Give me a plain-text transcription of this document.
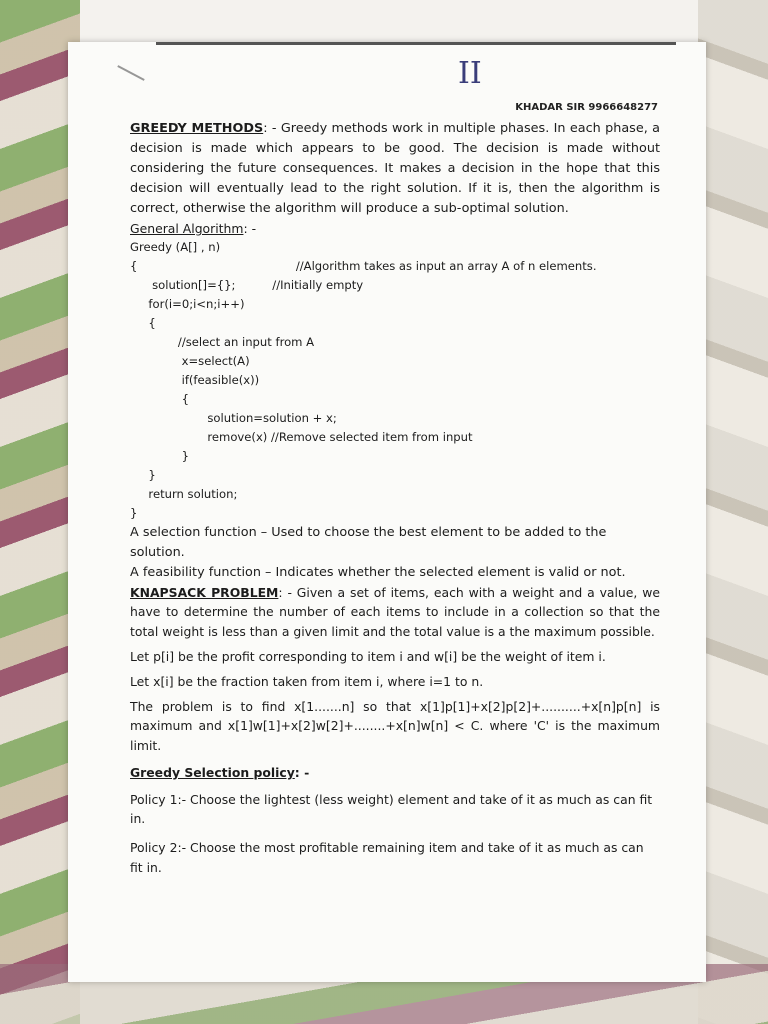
II
KHADAR SIR 9966648277

GREEDY METHODS: - Greedy methods work in multiple phases. In each phase, a decision is made which appears to be good. The decision is made without considering the future consequences. It makes a decision in the hope that this decision will eventually lead to the right solution. If it is, then the algorithm is correct, otherwise the algorithm will produce a sub-optimal solution.

General Algorithm: -

Greedy (A[] , n)
{                                           //Algorithm takes as input an array A of n elements.
solution[]={};          //Initially empty
for(i=0;i<n;i++)
{
//select an input from A
x=select(A)
if(feasible(x))
{
solution=solution + x;
remove(x) //Remove selected item from input
}
}
return solution;
}

A selection function – Used to choose the best element to be added to the solution.

A feasibility function – Indicates whether the selected element is valid or not.

KNAPSACK PROBLEM: - Given a set of items, each with a weight and a value, we have to determine the number of each items to include in a collection so that the total weight is less than a given limit and the total value is a the maximum possible.

Let p[i] be the profit corresponding to item i and w[i] be the weight of item i.

Let x[i] be the fraction taken from item i, where i=1 to n.

The problem is to find x[1.......n] so that x[1]p[1]+x[2]p[2]+..........+x[n]p[n] is maximum and x[1]w[1]+x[2]w[2]+........+x[n]w[n] < C. where 'C' is the maximum limit.

Greedy Selection policy: -

Policy 1:- Choose the lightest (less weight) element and take of it as much as can fit in.

Policy 2:- Choose the most profitable remaining item and take of it as much as can fit in.
